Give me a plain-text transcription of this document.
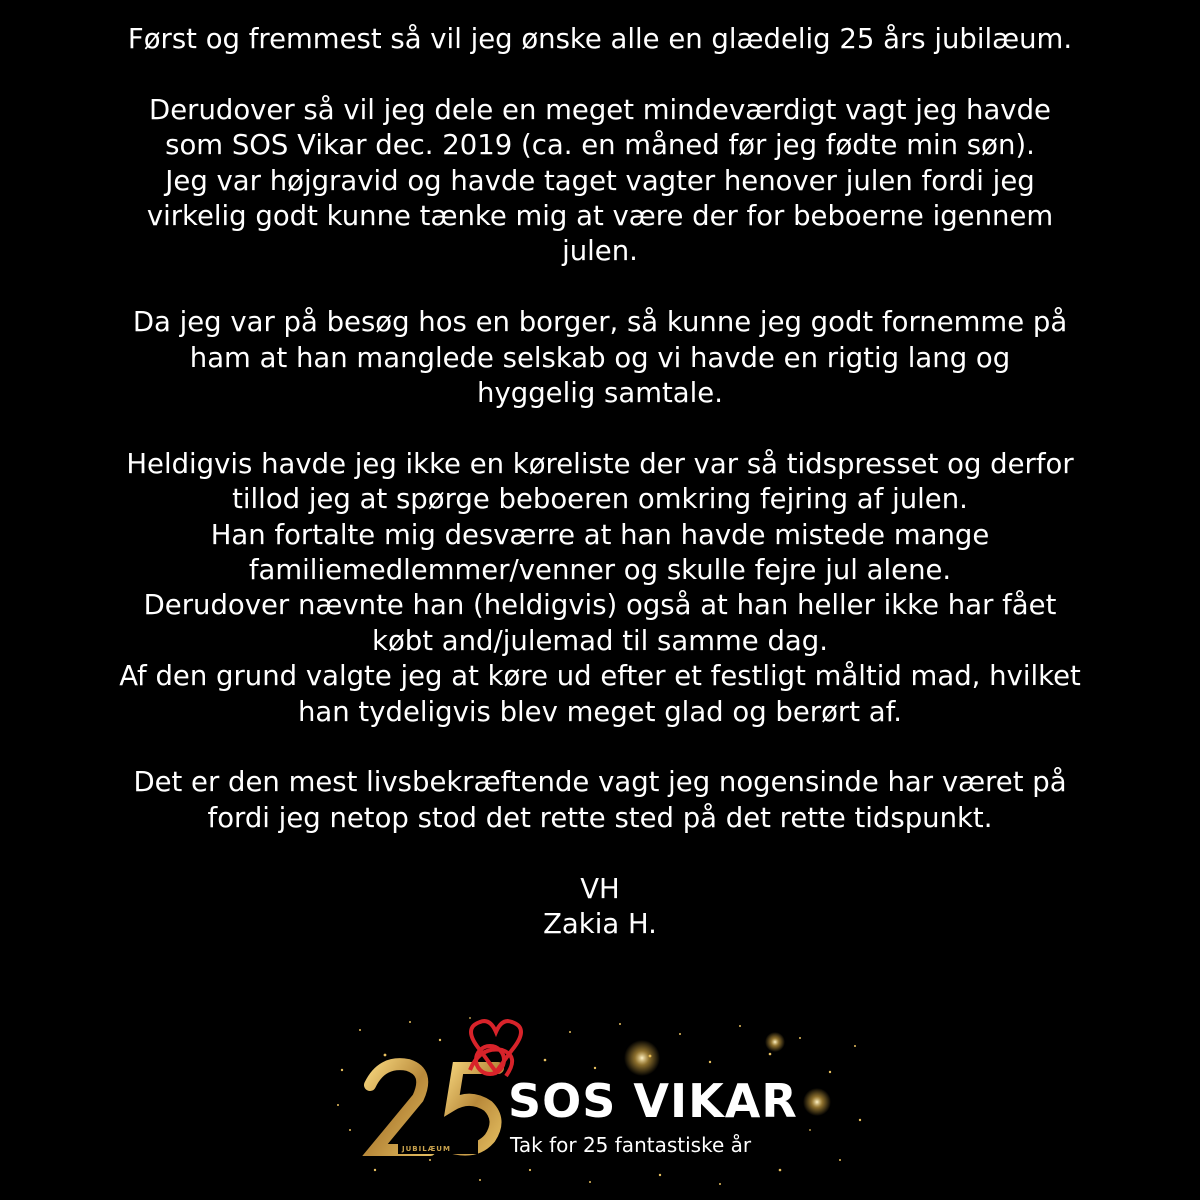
Først og fremmest så vil jeg ønske alle en glædelig 25 års jubilæum.

Derudover så vil jeg dele en meget mindeværdigt vagt jeg havde
som SOS Vikar dec. 2019 (ca. en måned før jeg fødte min søn).
Jeg var højgravid og havde taget vagter henover julen fordi jeg
virkelig godt kunne tænke mig at være der for beboerne igennem
julen.

Da jeg var på besøg hos en borger, så kunne jeg godt fornemme på
ham at han manglede selskab og vi havde en rigtig lang og
hyggelig samtale.

Heldigvis havde jeg ikke en køreliste der var så tidspresset og derfor
tillod jeg at spørge beboeren omkring fejring af julen.
Han fortalte mig desværre at han havde mistede mange
familiemedlemmer/venner og skulle fejre jul alene.
Derudover nævnte han (heldigvis) også at han heller ikke har fået
købt and/julemad til samme dag.
Af den grund valgte jeg at køre ud efter et festligt måltid mad, hvilket
han tydeligvis blev meget glad og berørt af.

Det er den mest livsbekræftende vagt jeg nogensinde har været på
fordi jeg netop stod det rette sted på det rette tidspunkt.

VH
Zakia H.

JUBILÆUM
SOS VIKAR
Tak for 25 fantastiske år
